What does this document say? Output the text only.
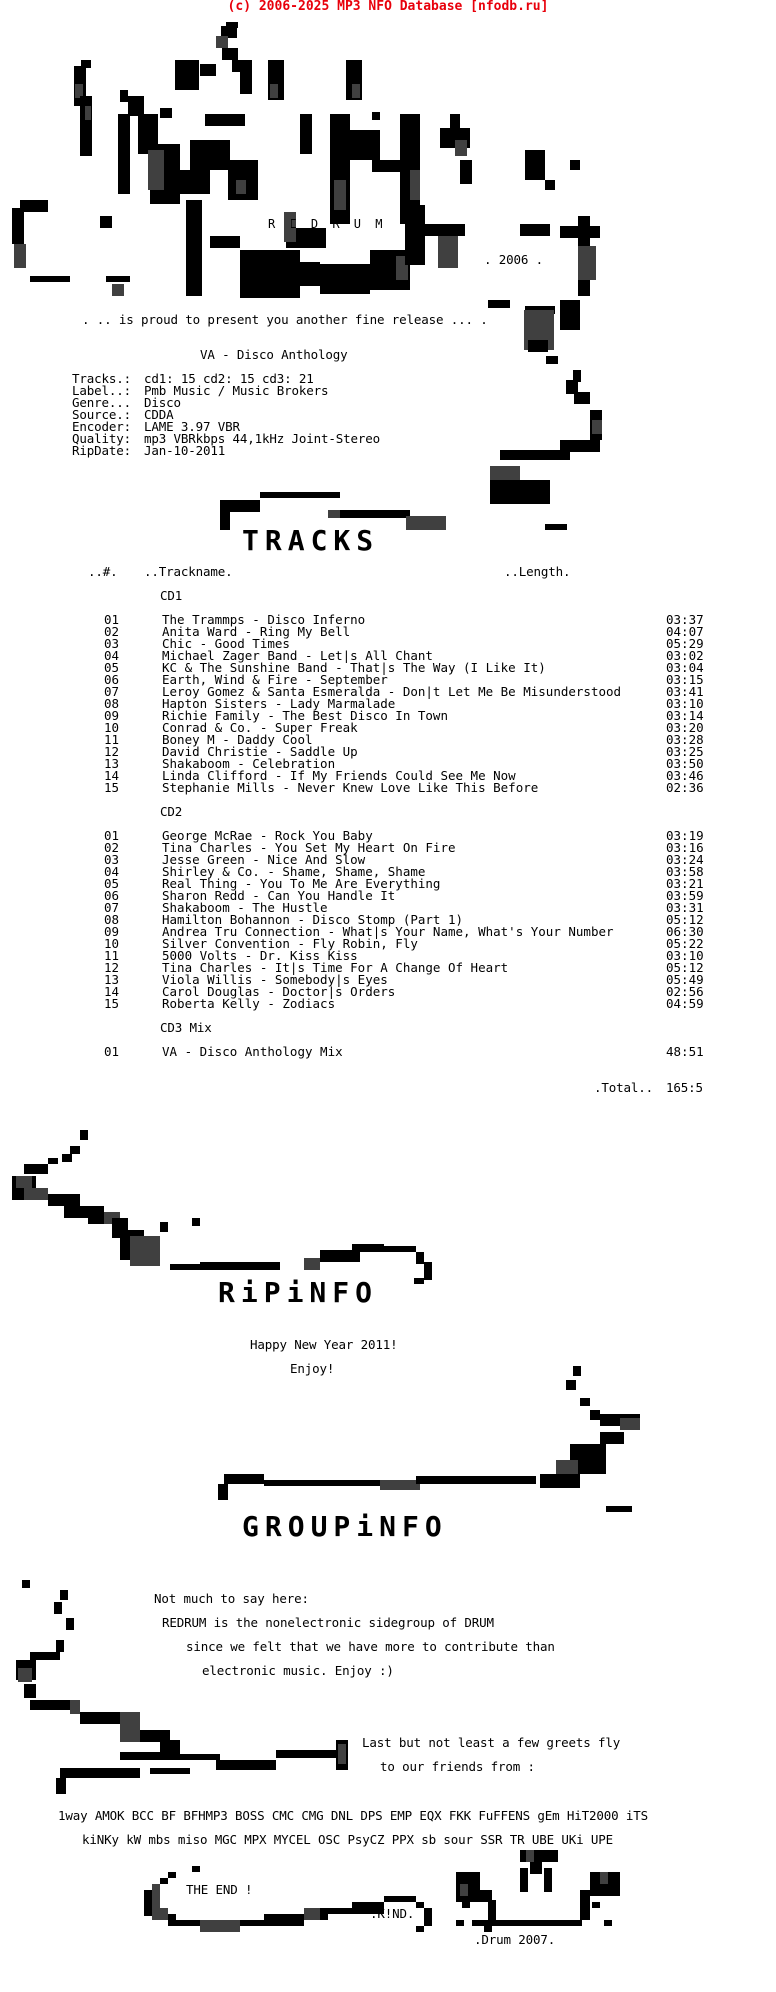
(c) 2006-2025 MP3 NFO Database [nfodb.ru]
R E D R U M
:              :
. 2006 .
. .. is proud to present you another fine release ... .
VA - Disco Anthology
Tracks.: cd1: 15 cd2: 15 cd3: 21
Label..: Pmb Music / Music Brokers
Genre... Disco
Source.: CDDA
Encoder: LAME 3.97 VBR
Quality: mp3 VBRkbps 44,1kHz Joint-Stereo
RipDate: Jan-10-2011
TRACKS
..#. ..Trackname.	..Length.
CD1
01	The Trammps - Disco Inferno	03:37
02	Anita Ward - Ring My Bell	04:07
03	Chic - Good Times	05:29
04	Michael Zager Band - Let|s All Chant	03:02
05	KC & The Sunshine Band - That|s The Way (I Like It)	03:04
06	Earth, Wind & Fire - September	03:15
07	Leroy Gomez & Santa Esmeralda - Don|t Let Me Be Misunderstood	03:41
08	Hapton Sisters - Lady Marmalade	03:10
09	Richie Family - The Best Disco In Town	03:14
10	Conrad & Co. - Super Freak	03:20
11	Boney M - Daddy Cool	03:28
12	David Christie - Saddle Up	03:25
13	Shakaboom - Celebration	03:50
14	Linda Clifford - If My Friends Could See Me Now	03:46
15	Stephanie Mills - Never Knew Love Like This Before	02:36
CD2
01	George McRae - Rock You Baby	03:19
02	Tina Charles - You Set My Heart On Fire	03:16
03	Jesse Green - Nice And Slow	03:24
04	Shirley & Co. - Shame, Shame, Shame	03:58
05	Real Thing - You To Me Are Everything	03:21
06	Sharon Redd - Can You Handle It	03:59
07	Shakaboom - The Hustle	03:31
08	Hamilton Bohannon - Disco Stomp (Part 1)	05:12
09	Andrea Tru Connection - What|s Your Name, What's Your Number	06:30
10	Silver Convention - Fly Robin, Fly	05:22
11	5000 Volts - Dr. Kiss Kiss	03:10
12	Tina Charles - It|s Time For A Change Of Heart	05:12
13	Viola Willis - Somebody|s Eyes	05:49
14	Carol Douglas - Doctor|s Orders	02:56
15	Roberta Kelly - Zodiacs	04:59
CD3 Mix
01	VA - Disco Anthology Mix	48:51
.Total.. 165:5
RiPiNFO
Happy New Year 2011!
Enjoy!
GROUPiNFO
Not much to say here:
REDRUM is the nonelectronic sidegroup of DRUM
since we felt that we have more to contribute than
electronic music. Enjoy :)
Last but not least a few greets fly
to our friends from :
1way AMOK BCC BF BFHMP3 BOSS CMC CMG DNL DPS EMP EQX FKK FuFFENS gEm HiT2000 iTS
kiNKy kW mbs miso MGC MPX MYCEL OSC PsyCZ PPX sb sour SSR TR UBE UKi UPE
THE END !
.K!ND.
.Drum 2007.
